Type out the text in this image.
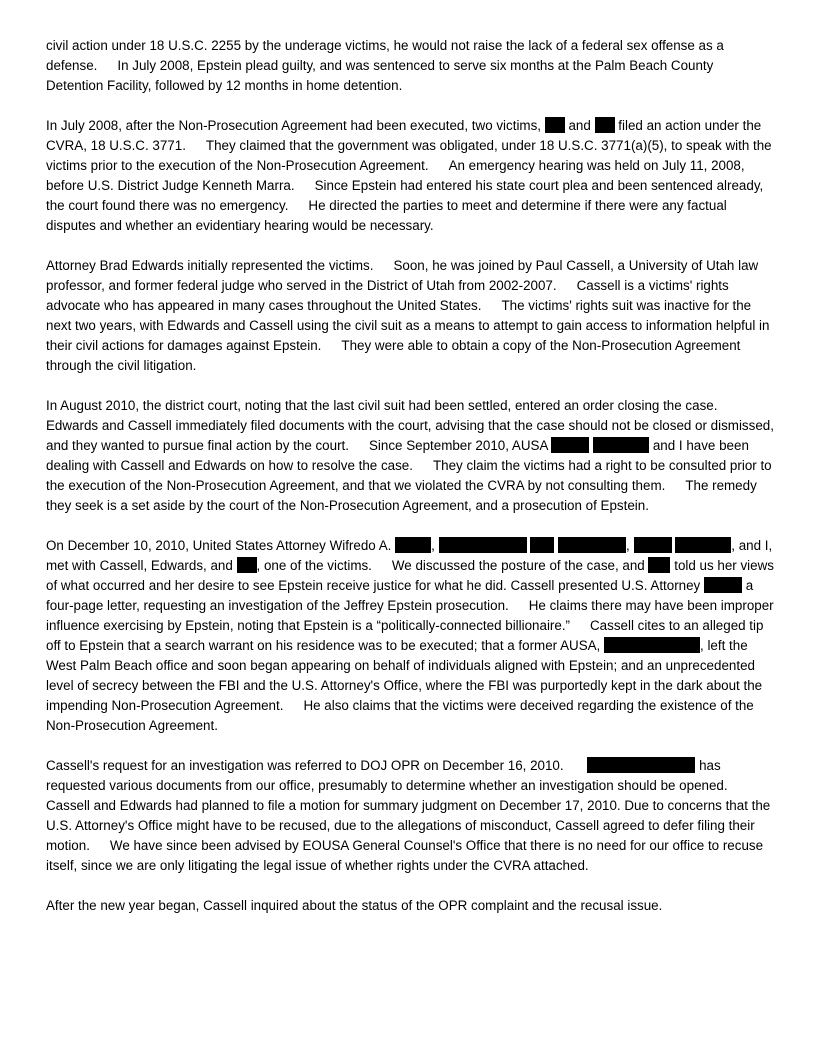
civil action under 18 U.S.C. 2255 by the underage victims, he would not raise the lack of a federal sex offense as a defense. In July 2008, Epstein plead guilty, and was sentenced to serve six months at the Palm Beach County Detention Facility, followed by 12 months in home detention.

In July 2008, after the Non-Prosecution Agreement had been executed, two victims, and filed an action under the CVRA, 18 U.S.C. 3771. They claimed that the government was obligated, under 18 U.S.C. 3771(a)(5), to speak with the victims prior to the execution of the Non-Prosecution Agreement. An emergency hearing was held on July 11, 2008, before U.S. District Judge Kenneth Marra. Since Epstein had entered his state court plea and been sentenced already, the court found there was no emergency. He directed the parties to meet and determine if there were any factual disputes and whether an evidentiary hearing would be necessary.

Attorney Brad Edwards initially represented the victims. Soon, he was joined by Paul Cassell, a University of Utah law professor, and former federal judge who served in the District of Utah from 2002-2007. Cassell is a victims' rights advocate who has appeared in many cases throughout the United States. The victims' rights suit was inactive for the next two years, with Edwards and Cassell using the civil suit as a means to attempt to gain access to information helpful in their civil actions for damages against Epstein. They were able to obtain a copy of the Non-Prosecution Agreement through the civil litigation.

In August 2010, the district court, noting that the last civil suit had been settled, entered an order closing the case.Edwards and Cassell immediately filed documents with the court, advising that the case should not be closed or dismissed, and they wanted to pursue final action by the court. Since September 2010, AUSA	and I have been dealing with Cassell and Edwards on how to resolve the case. They claim the victims had a right to be consulted prior to the execution of the Non-Prosecution Agreement, and that we violated the CVRA by not consulting them. The remedy they seek is a set aside by the court of the Non-Prosecution Agreement, and a prosecution of Epstein.

On December 10, 2010, United States Attorney Wifredo A.	,	,	, and I, met with Cassell, Edwards, and , one of the victims. We discussed the posture of the case, and told us her views of what occurred and her desire to see Epstein receive justice for what he did. Cassell presented U.S. Attorney	a four-page letter, requesting an investigation of the Jeffrey Epstein prosecution. He claims there may have been improper influence exercising by Epstein, noting that Epstein is a “politically-connected billionaire.” Cassell cites to an alleged tip off to Epstein that a search warrant on his residence was to be executed; that a former AUSA,	, left the West Palm Beach office and soon began appearing on behalf of individuals aligned with Epstein; and an unprecedented level of secrecy between the FBI and the U.S. Attorney's Office, where the FBI was purportedly kept in the dark about the impending Non-Prosecution Agreement. He also claims that the victims were deceived regarding the existence of the Non-Prosecution Agreement.

Cassell's request for an investigation was referred to DOJ OPR on December 16, 2010.	has requested various documents from our office, presumably to determine whether an investigation should be opened.Cassell and Edwards had planned to file a motion for summary judgment on December 17, 2010. Due to concerns that the U.S. Attorney's Office might have to be recused, due to the allegations of misconduct, Cassell agreed to defer filing their motion. We have since been advised by EOUSA General Counsel's Office that there is no need for our office to recuse itself, since we are only litigating the legal issue of whether rights under the CVRA attached.

After the new year began, Cassell inquired about the status of the OPR complaint and the recusal issue.
